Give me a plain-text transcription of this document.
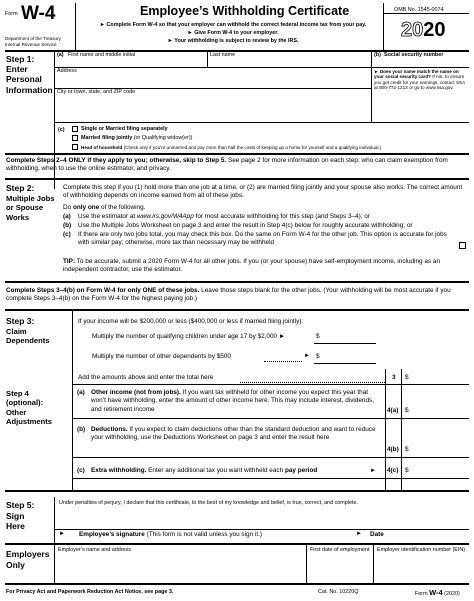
Form W-4
Department of the Treasury
Internal Revenue Service
Employee’s Withholding Certificate
► Complete Form W-4 so that your employer can withhold the correct federal income tax from your pay.
► Give Form W-4 to your employer.
► Your withholding is subject to review by the IRS.
OMB No. 1545-0074
2020
Step 1:
Enter
Personal
Information
(a) First name and middle initial	Last name	(b) Social security number
Address
City or town, state, and ZIP code
► Does your name match the name on your social security card? If not, to ensure you get credit for your earnings, contact SSA at 800-772-1213 or go to www.ssa.gov.
(c)	Single or Married filing separately
Married filing jointly (or Qualifying widow(er))
Head of household (Check only if you’re unmarried and pay more than half the costs of keeping up a home for yourself and a qualifying individual.)
Complete Steps 2–4 ONLY if they apply to you; otherwise, skip to Step 5. See page 2 for more information on each step, who can claim exemption from withholding, when to use the online estimator, and privacy.
Step 2:
Multiple Jobs
or Spouse
Works
Complete this step if you (1) hold more than one job at a time, or (2) are married filing jointly and your spouse also works. The correct amount of withholding depends on income earned from all of these jobs.
Do only one of the following.
(a) Use the estimator at www.irs.gov/W4App for most accurate withholding for this step (and Steps 3–4); or
(b) Use the Multiple Jobs Worksheet on page 3 and enter the result in Step 4(c) below for roughly accurate withholding; or
(c) If there are only two jobs total, you may check this box. Do the same on Form W-4 for the other job. This option is accurate for jobs with similar pay; otherwise, more tax than necessary may be withheld
TIP: To be accurate, submit a 2020 Form W-4 for all other jobs. If you (or your spouse) have self-employment income, including as an independent contractor, use the estimator.
Complete Steps 3–4(b) on Form W-4 for only ONE of these jobs. Leave those steps blank for the other jobs. (Your withholding will be most accurate if you complete Steps 3–4(b) on the Form W-4 for the highest paying job.)
Step 3:
Claim
Dependents
If your income will be $200,000 or less ($400,000 or less if married filing jointly):
Multiply the number of qualifying children under age 17 by $2,000 ►	$
Multiply the number of other dependents by $500	► $
Add the amounts above and enter the total here	3 $
Step 4
(optional):
Other
Adjustments
(a) Other income (not from jobs). If you want tax withheld for other income you expect this year that won’t have withholding, enter the amount of other income here. This may include interest, dividends, and retirement income	4(a) $
(b) Deductions. If you expect to claim deductions other than the standard deduction and want to reduce your withholding, use the Deductions Worksheet on page 3 and enter the result here
4(b) $
(c) Extra withholding. Enter any additional tax you want withheld each pay period	► 4(c) $
Step 5:
Sign
Here
Under penalties of perjury, I declare that this certificate, to the best of my knowledge and belief, is true, correct, and complete.
Employee’s signature (This form is not valid unless you sign it.)
►	► Date
Employers
Only
Employer’s name and address	First date of employment Employer identification number (EIN)
For Privacy Act and Paperwork Reduction Act Notice, see page 3.	Cat. No. 10220Q	Form W-4 (2020)
